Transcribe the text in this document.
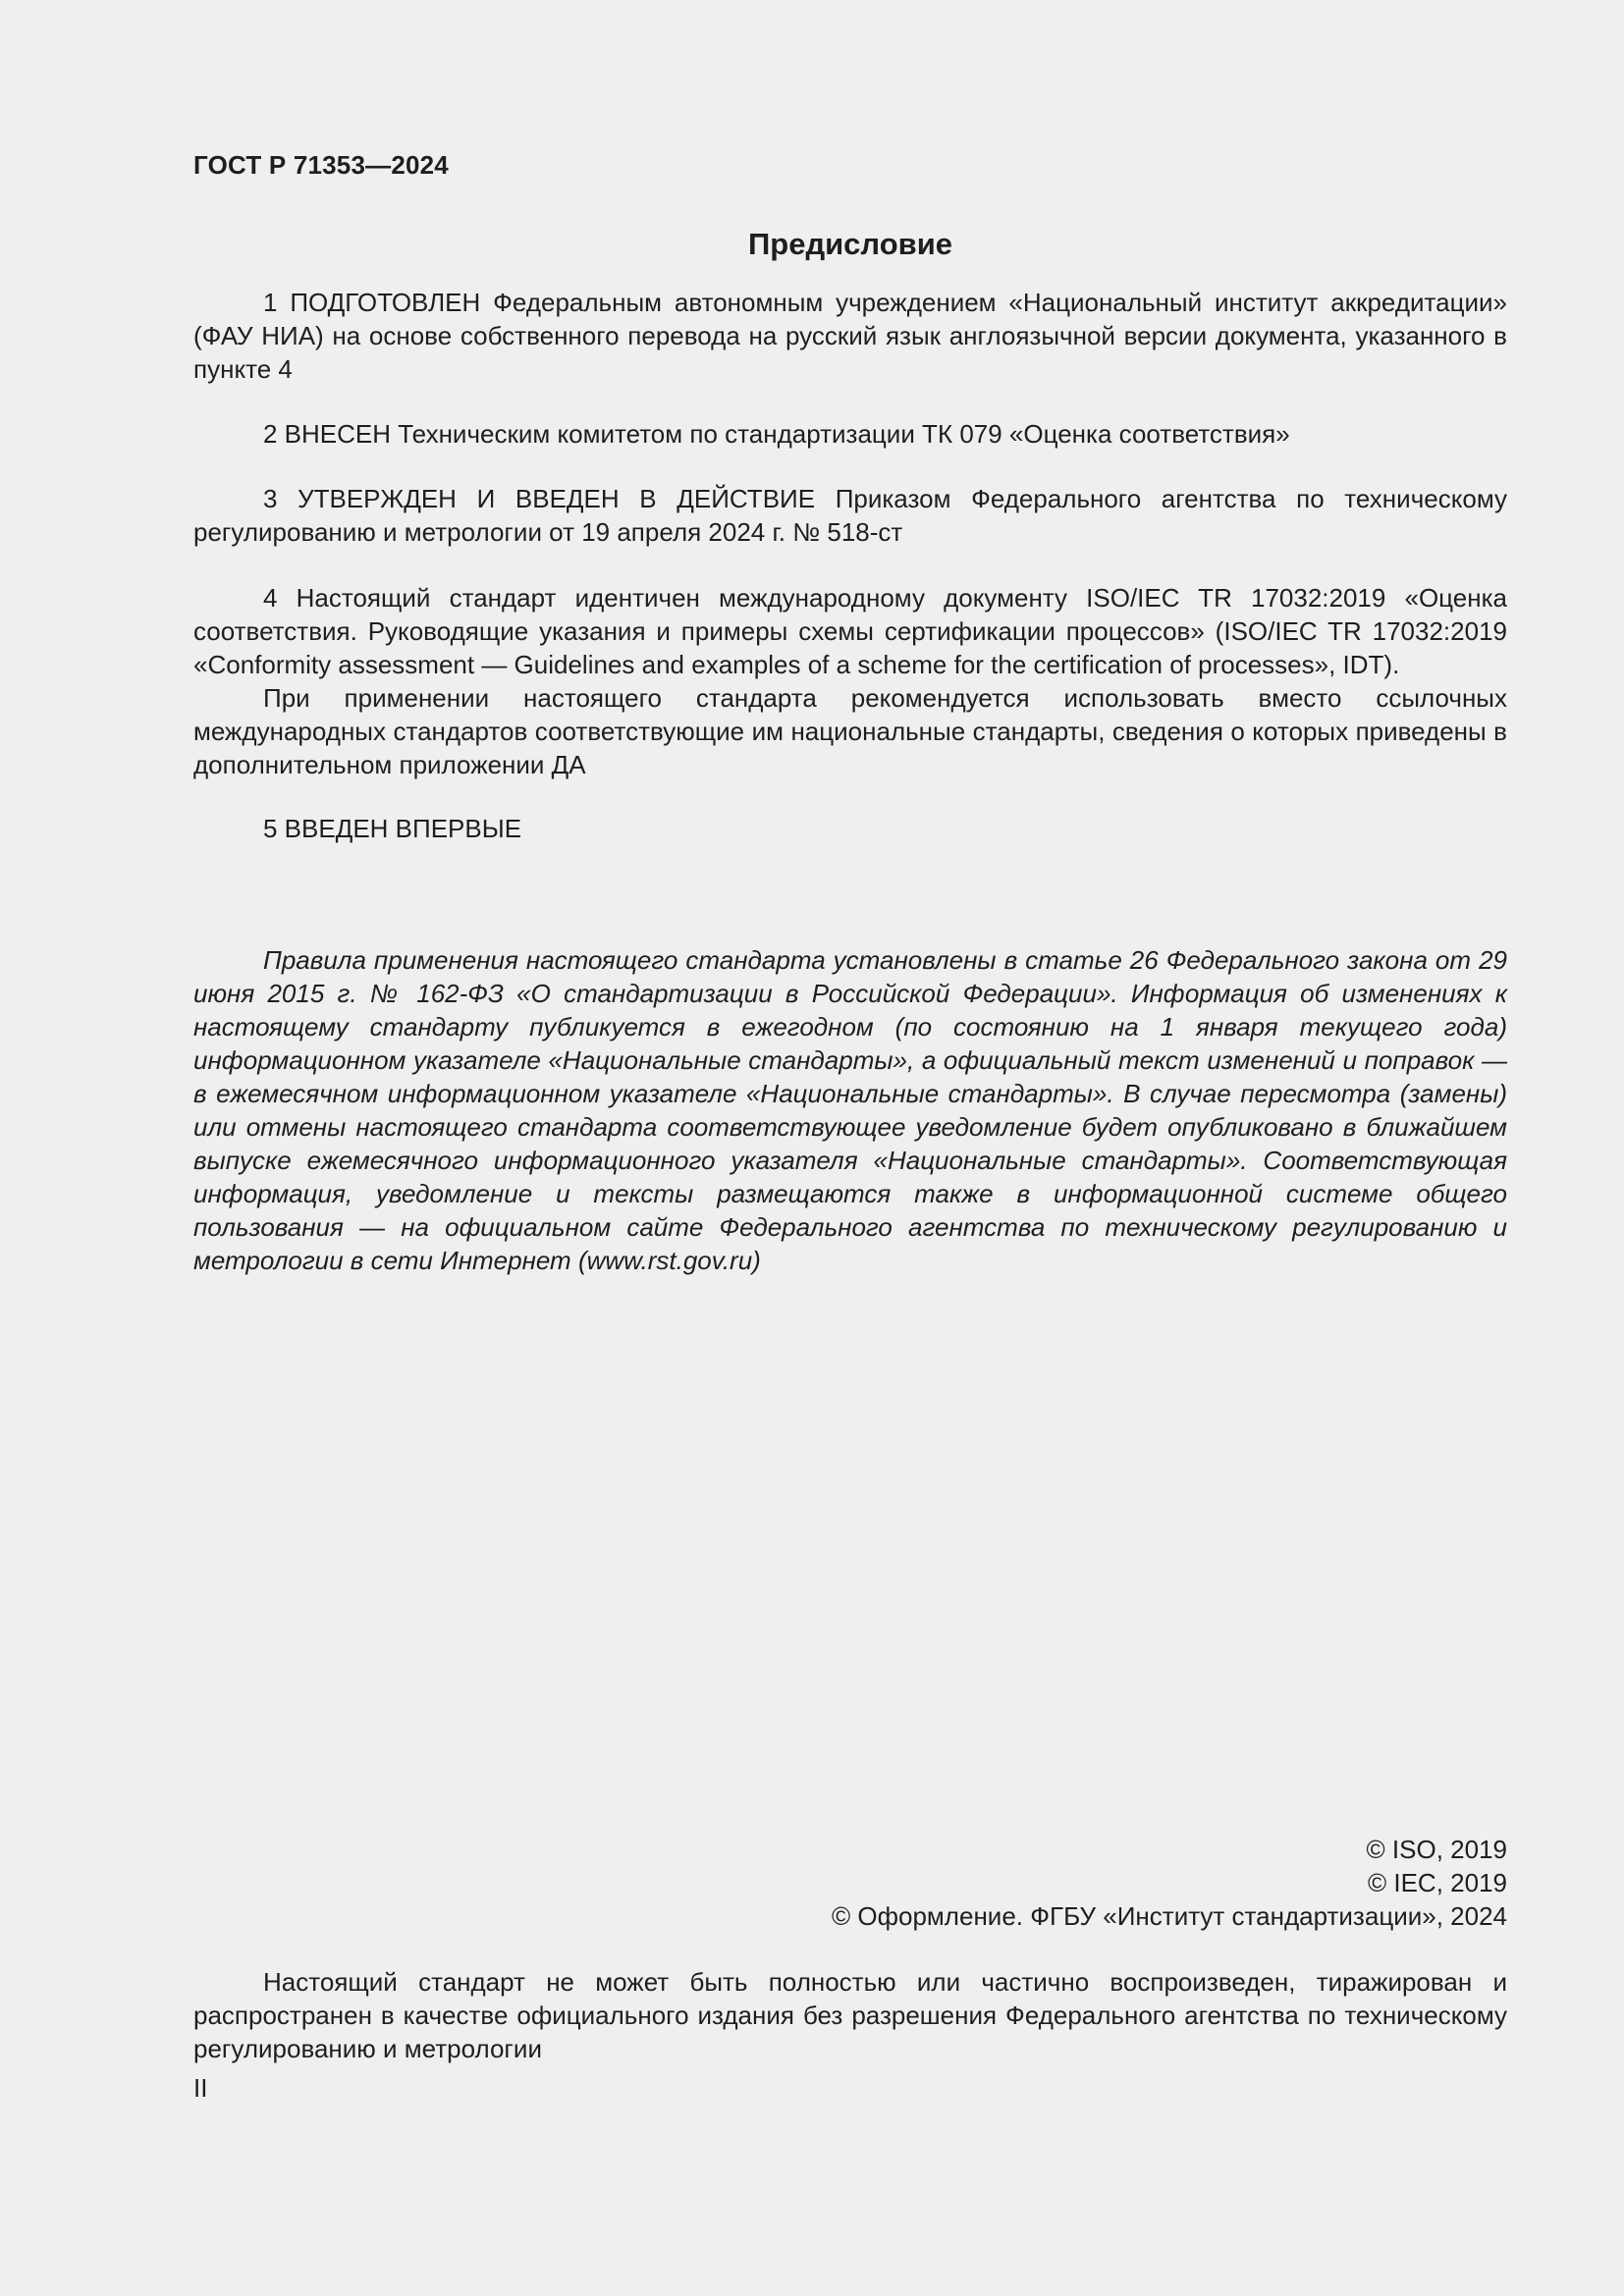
ГОСТ Р 71353—2024
Предисловие
1 ПОДГОТОВЛЕН Федеральным автономным учреждением «Национальный институт аккредитации» (ФАУ НИА) на основе собственного перевода на русский язык англоязычной версии документа, указанного в пункте 4
2 ВНЕСЕН Техническим комитетом по стандартизации ТК 079 «Оценка соответствия»
3 УТВЕРЖДЕН И ВВЕДЕН В ДЕЙСТВИЕ Приказом Федерального агентства по техническому регулированию и метрологии от 19 апреля 2024 г. № 518-ст
4 Настоящий стандарт идентичен международному документу ISO/IEC TR 17032:2019 «Оценка соответствия. Руководящие указания и примеры схемы сертификации процессов» (ISO/IEC TR 17032:2019 «Conformity assessment — Guidelines and examples of a scheme for the certification of processes», IDT).
При применении настоящего стандарта рекомендуется использовать вместо ссылочных международных стандартов соответствующие им национальные стандарты, сведения о которых приведены в дополнительном приложении ДА
5 ВВЕДЕН ВПЕРВЫЕ
Правила применения настоящего стандарта установлены в статье 26 Федерального закона от 29 июня 2015 г. № 162-ФЗ «О стандартизации в Российской Федерации». Информация об изменениях к настоящему стандарту публикуется в ежегодном (по состоянию на 1 января текущего года) информационном указателе «Национальные стандарты», а официальный текст изменений и поправок — в ежемесячном информационном указателе «Национальные стандарты». В случае пересмотра (замены) или отмены настоящего стандарта соответствующее уведомление будет опубликовано в ближайшем выпуске ежемесячного информационного указателя «Национальные стандарты». Соответствующая информация, уведомление и тексты размещаются также в информационной системе общего пользования — на официальном сайте Федерального агентства по техническому регулированию и метрологии в сети Интернет (www.rst.gov.ru)
© ISO, 2019
© IEC, 2019
© Оформление. ФГБУ «Институт стандартизации», 2024
Настоящий стандарт не может быть полностью или частично воспроизведен, тиражирован и распространен в качестве официального издания без разрешения Федерального агентства по техническому регулированию и метрологии
II
